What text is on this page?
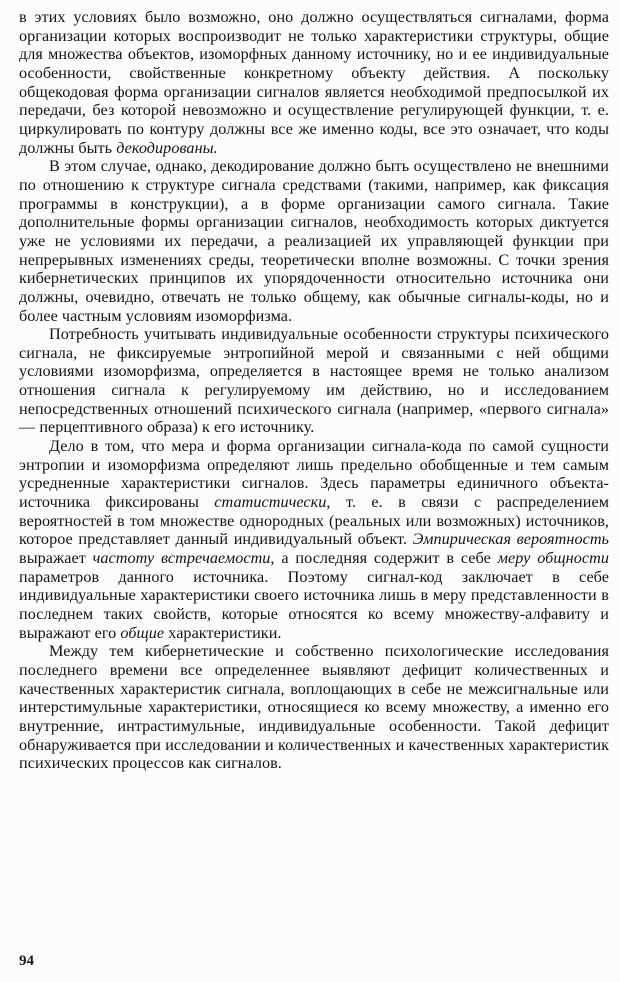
в этих условиях было возможно, оно должно осуществляться сигналами, форма организации которых воспроизводит не только характеристики структуры, общие для множества объектов, изоморфных данному источнику, но и ее индивидуальные особенности, свойственные конкретному объекту действия. А поскольку общекодовая форма организации сигналов является необходимой предпосылкой их передачи, без которой невозможно и осуществление регулирующей функции, т. е. циркулировать по контуру должны все же именно коды, все это означает, что коды должны быть декодированы.

В этом случае, однако, декодирование должно быть осуществлено не внешними по отношению к структуре сигнала средствами (такими, например, как фиксация программы в конструкции), а в форме организации самого сигнала. Такие дополнительные формы организации сигналов, необходимость которых диктуется уже не условиями их передачи, а реализацией их управляющей функции при непрерывных изменениях среды, теоретически вполне возможны. С точки зрения кибернетических принципов их упорядоченности относительно источника они должны, очевидно, отвечать не только общему, как обычные сигналы-коды, но и более частным условиям изоморфизма.

Потребность учитывать индивидуальные особенности структуры психического сигнала, не фиксируемые энтропийной мерой и связанными с ней общими условиями изоморфизма, определяется в настоящее время не только анализом отношения сигнала к регулируемому им действию, но и исследованием непосредственных отношений психического сигнала (например, «первого сигнала» — перцептивного образа) к его источнику.

Дело в том, что мера и форма организации сигнала-кода по самой сущности энтропии и изоморфизма определяют лишь предельно обобщенные и тем самым усредненные характеристики сигналов. Здесь параметры единичного объекта-источника фиксированы статистически, т. е. в связи с распределением вероятностей в том множестве однородных (реальных или возможных) источников, которое представляет данный индивидуальный объект. Эмпирическая вероятность выражает частоту встречаемости, а последняя содержит в себе меру общности параметров данного источника. Поэтому сигнал-код заключает в себе индивидуальные характеристики своего источника лишь в меру представленности в последнем таких свойств, которые относятся ко всему множеству-алфавиту и выражают его общие характеристики.

Между тем кибернетические и собственно психологические исследования последнего времени все определеннее выявляют дефицит количественных и качественных характеристик сигнала, воплощающих в себе не межсигнальные или интерстимульные характеристики, относящиеся ко всему множеству, а именно его внутренние, интрастимульные, индивидуальные особенности. Такой дефицит обнаруживается при исследовании и количественных и качественных характеристик психических процессов как сигналов.

94
